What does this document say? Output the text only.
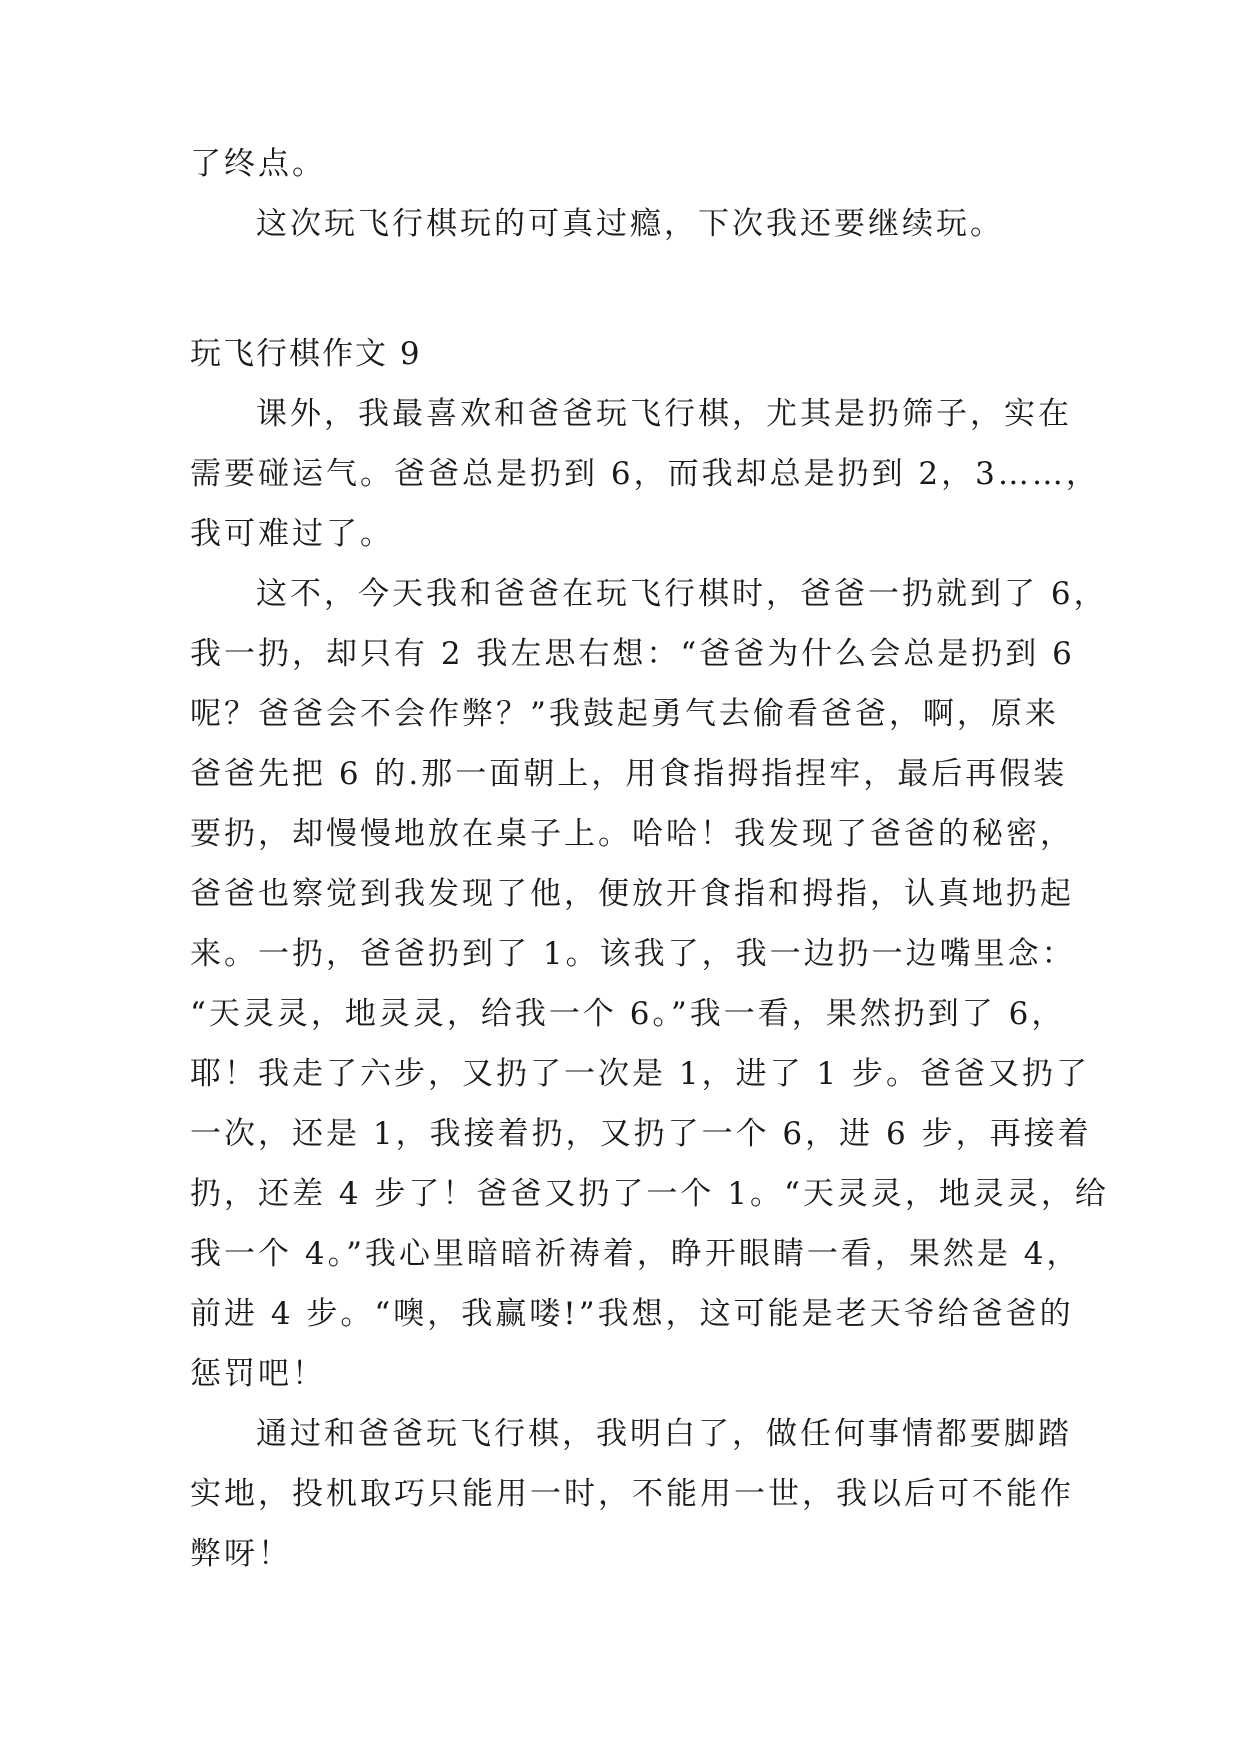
了终点。
这次玩飞行棋玩的可真过瘾，下次我还要继续玩。
玩飞行棋作文 9
课外，我最喜欢和爸爸玩飞行棋，尤其是扔筛子，实在
需要碰运气。爸爸总是扔到 6，而我却总是扔到 2，3……，
我可难过了。
这不，今天我和爸爸在玩飞行棋时，爸爸一扔就到了 6，
我一扔，却只有 2 我左思右想：“爸爸为什么会总是扔到 6
呢？爸爸会不会作弊？”我鼓起勇气去偷看爸爸，啊，原来
爸爸先把 6 的.那一面朝上，用食指拇指捏牢，最后再假装
要扔，却慢慢地放在桌子上。哈哈！我发现了爸爸的秘密，
爸爸也察觉到我发现了他，便放开食指和拇指，认真地扔起
来。一扔，爸爸扔到了 1。该我了，我一边扔一边嘴里念：
“天灵灵，地灵灵，给我一个 6。”我一看，果然扔到了 6，
耶！我走了六步，又扔了一次是 1，进了 1 步。爸爸又扔了
一次，还是 1，我接着扔，又扔了一个 6，进 6 步，再接着
扔，还差 4 步了！爸爸又扔了一个 1。“天灵灵，地灵灵，给
我一个 4。”我心里暗暗祈祷着，睁开眼睛一看，果然是 4，
前进 4 步。“噢，我赢喽!”我想，这可能是老天爷给爸爸的
惩罚吧！
通过和爸爸玩飞行棋，我明白了，做任何事情都要脚踏
实地，投机取巧只能用一时，不能用一世，我以后可不能作
弊呀！
